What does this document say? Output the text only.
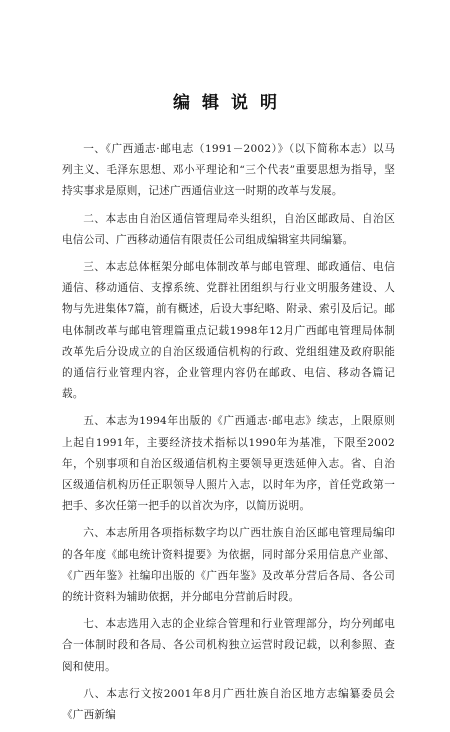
编辑说明

一、《广西通志·邮电志（1991－2002）》（以下简称本志）以马列主义、毛泽东思想、邓小平理论和“三个代表”重要思想为指导，坚持实事求是原则，记述广西通信业这一时期的改革与发展。

二、本志由自治区通信管理局牵头组织，自治区邮政局、自治区电信公司、广西移动通信有限责任公司组成编辑室共同编纂。

三、本志总体框架分邮电体制改革与邮电管理、邮政通信、电信通信、移动通信、支撑系统、党群社团组织与行业文明服务建设、人物与先进集体7篇，前有概述，后设大事纪略、附录、索引及后记。邮电体制改革与邮电管理篇重点记载1998年12月广西邮电管理局体制改革先后分设成立的自治区级通信机构的行政、党组组建及政府职能的通信行业管理内容，企业管理内容仍在邮政、电信、移动各篇记载。

五、本志为1994年出版的《广西通志·邮电志》续志，上限原则上起自1991年，主要经济技术指标以1990年为基准，下限至2002年，个别事项和自治区级通信机构主要领导更迭延伸入志。省、自治区级通信机构历任正职领导人照片入志，以时年为序，首任党政第一把手、多次任第一把手的以首次为序，以简历说明。

六、本志所用各项指标数字均以广西壮族自治区邮电管理局编印的各年度《邮电统计资料提要》为依据，同时部分采用信息产业部、《广西年鉴》社编印出版的《广西年鉴》及改革分营后各局、各公司的统计资料为辅助依据，并分邮电分营前后时段。

七、本志选用入志的企业综合管理和行业管理部分，均分列邮电合一体制时段和各局、各公司机构独立运营时段记载，以利参照、查阅和使用。

八、本志行文按2001年8月广西壮族自治区地方志编纂委员会《广西新编
